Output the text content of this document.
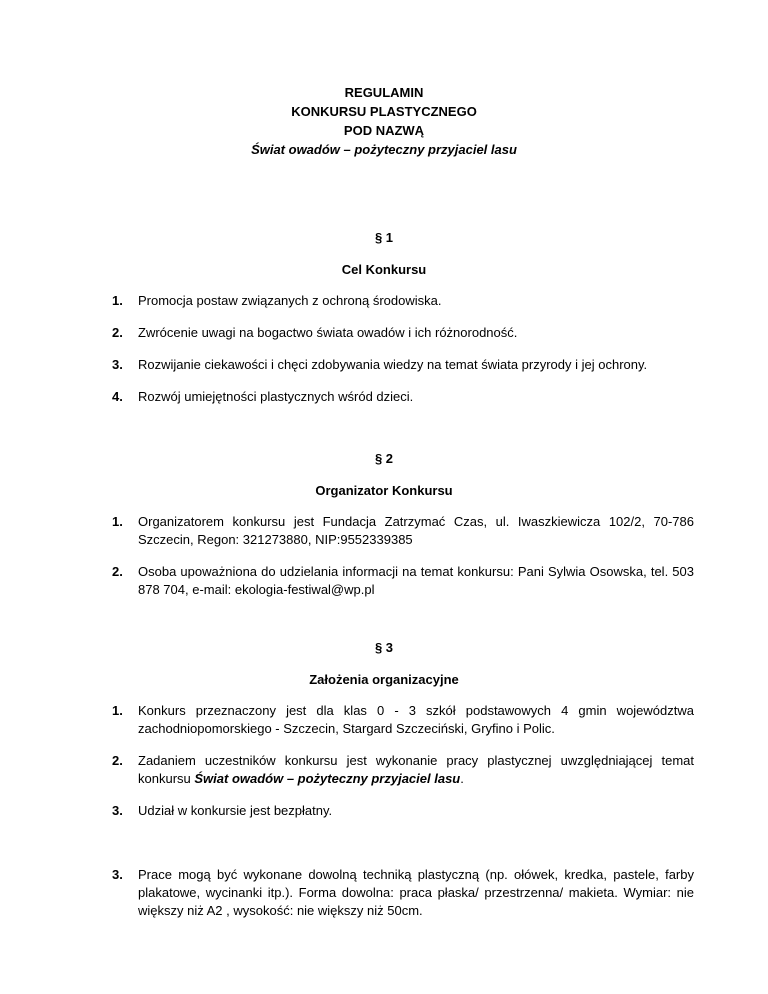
REGULAMIN
KONKURSU PLASTYCZNEGO
POD NAZWĄ
Świat owadów – pożyteczny przyjaciel lasu
§ 1
Cel Konkursu
1. Promocja postaw związanych z ochroną środowiska.
2. Zwrócenie uwagi na bogactwo świata owadów i ich różnorodność.
3. Rozwijanie ciekawości i chęci zdobywania wiedzy na temat świata przyrody i jej ochrony.
4. Rozwój umiejętności plastycznych wśród dzieci.
§ 2
Organizator Konkursu
1. Organizatorem konkursu jest Fundacja Zatrzymać Czas, ul. Iwaszkiewicza 102/2, 70-786 Szczecin, Regon: 321273880, NIP:9552339385
2. Osoba upoważniona do udzielania informacji na temat konkursu: Pani Sylwia Osowska, tel. 503 878 704, e-mail: ekologia-festiwal@wp.pl
§ 3
Założenia organizacyjne
1. Konkurs przeznaczony jest dla klas 0 - 3 szkół podstawowych 4 gmin województwa zachodniopomorskiego - Szczecin, Stargard Szczeciński, Gryfino i Polic.
2. Zadaniem uczestników konkursu jest wykonanie pracy plastycznej uwzględniającej temat konkursu Świat owadów – pożyteczny przyjaciel lasu.
3. Udział w konkursie jest bezpłatny.
3. Prace mogą być wykonane dowolną techniką plastyczną (np. ołówek, kredka, pastele, farby plakatowe, wycinanki itp.). Forma dowolna: praca płaska/ przestrzenna/ makieta. Wymiar: nie większy niż A2 , wysokość: nie większy niż 50cm.
